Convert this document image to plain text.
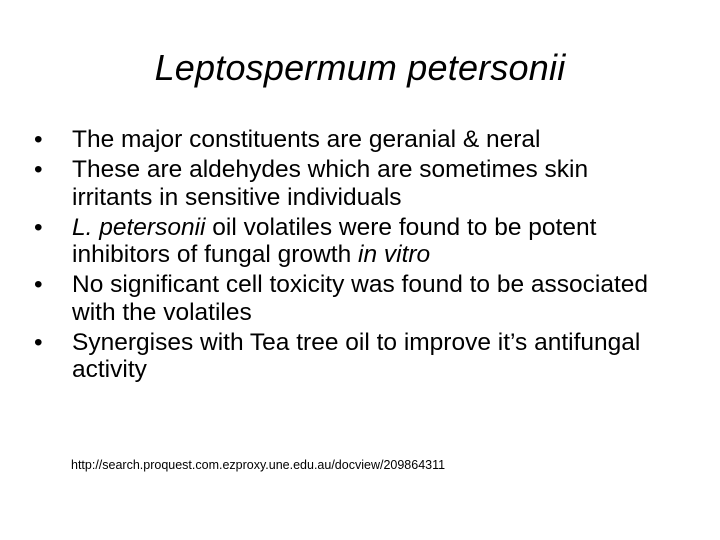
Leptospermum petersonii
•	The major constituents are geranial & neral
•	These are aldehydes which are sometimes skin irritants in sensitive individuals
•	L. petersonii oil volatiles were found to be potent inhibitors of fungal growth in vitro
•	No significant cell toxicity was found to be associated with the volatiles
•	Synergises with Tea tree oil to improve it’s antifungal activity
http://search.proquest.com.ezproxy.une.edu.au/docview/209864311
